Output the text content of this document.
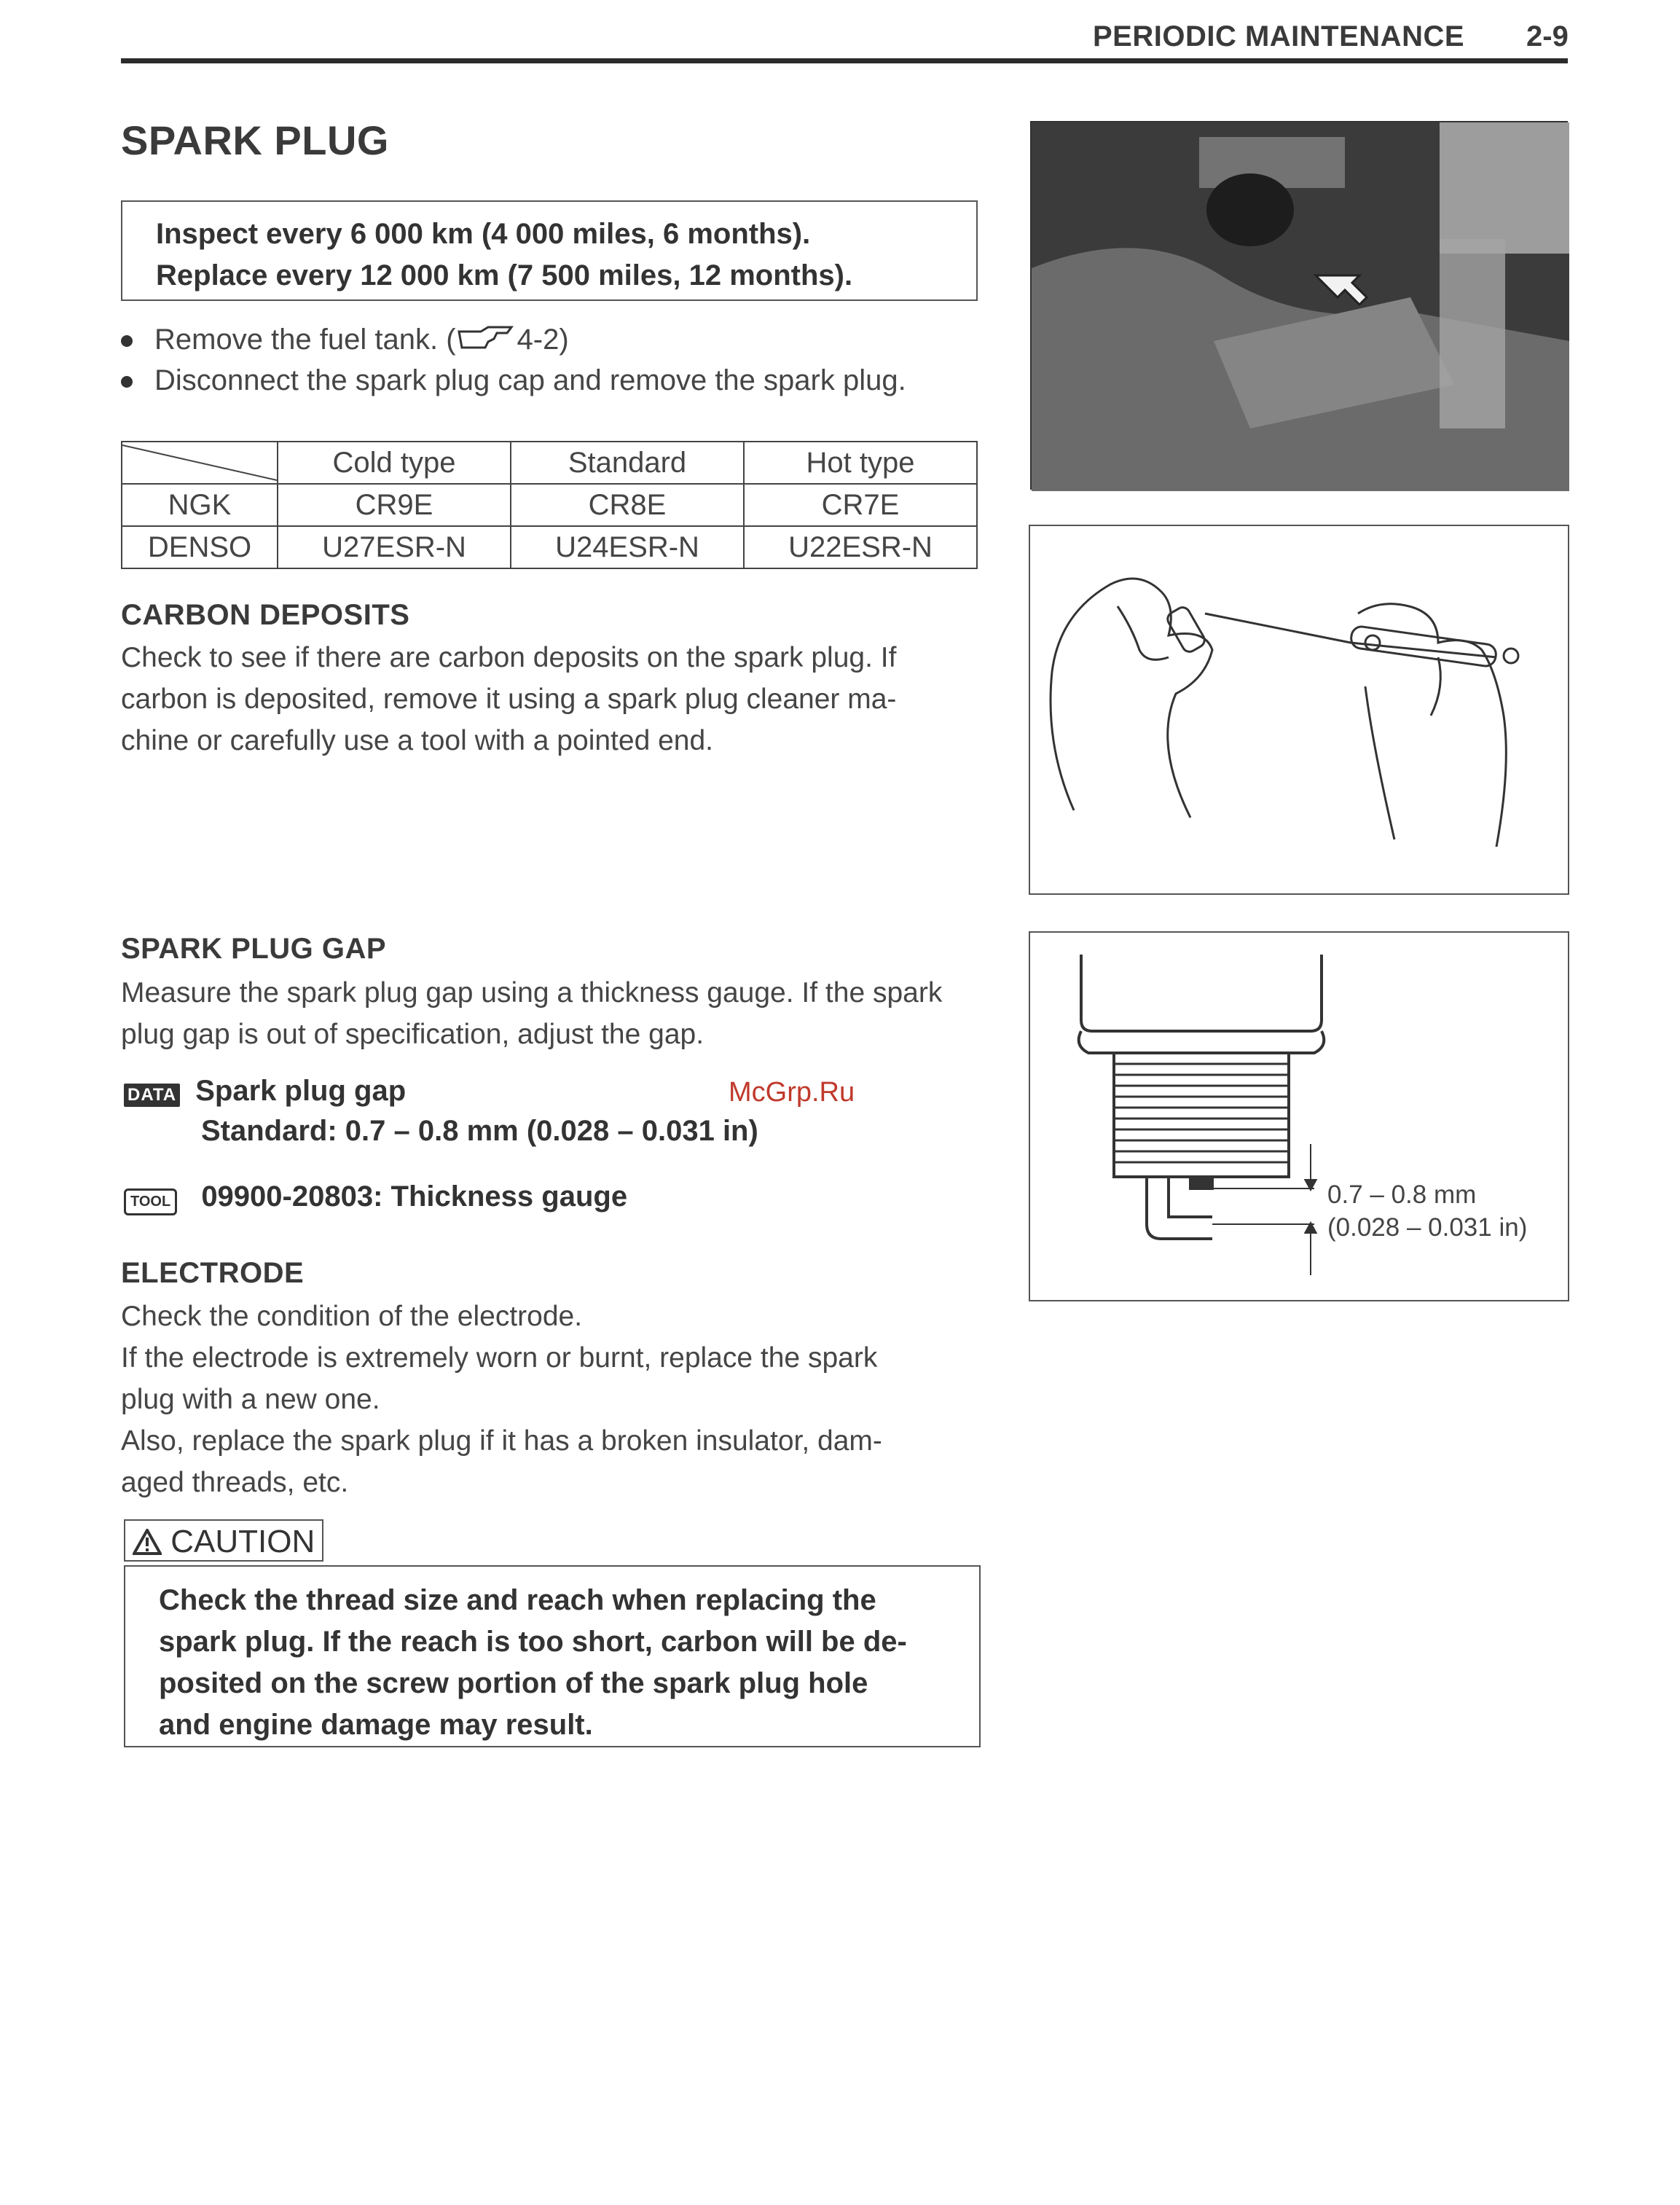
PERIODIC MAINTENANCE 2-9
SPARK PLUG
Inspect every 6 000 km (4 000 miles, 6 months).
Replace every 12 000 km (7 500 miles, 12 months).
Remove the fuel tank. ( 4-2)
Disconnect the spark plug cap and remove the spark plug.
	Cold type	Standard	Hot type
NGK	CR9E	CR8E	CR7E
DENSO	U27ESR-N	U24ESR-N	U22ESR-N
CARBON DEPOSITS
Check to see if there are carbon deposits on the spark plug. If
carbon is deposited, remove it using a spark plug cleaner ma-
chine or carefully use a tool with a pointed end.
SPARK PLUG GAP
Measure the spark plug gap using a thickness gauge. If the spark
plug gap is out of specification, adjust the gap.
DATA Spark plug gap
Standard: 0.7 – 0.8 mm (0.028 – 0.031 in)
McGrp.Ru
TOOL 09900-20803: Thickness gauge
ELECTRODE
Check the condition of the electrode.
If the electrode is extremely worn or burnt, replace the spark
plug with a new one.
Also, replace the spark plug if it has a broken insulator, dam-
aged threads, etc.
CAUTION
Check the thread size and reach when replacing the
spark plug. If the reach is too short, carbon will be de-
posited on the screw portion of the spark plug hole
and engine damage may result.
0.7 – 0.8 mm
(0.028 – 0.031 in)
